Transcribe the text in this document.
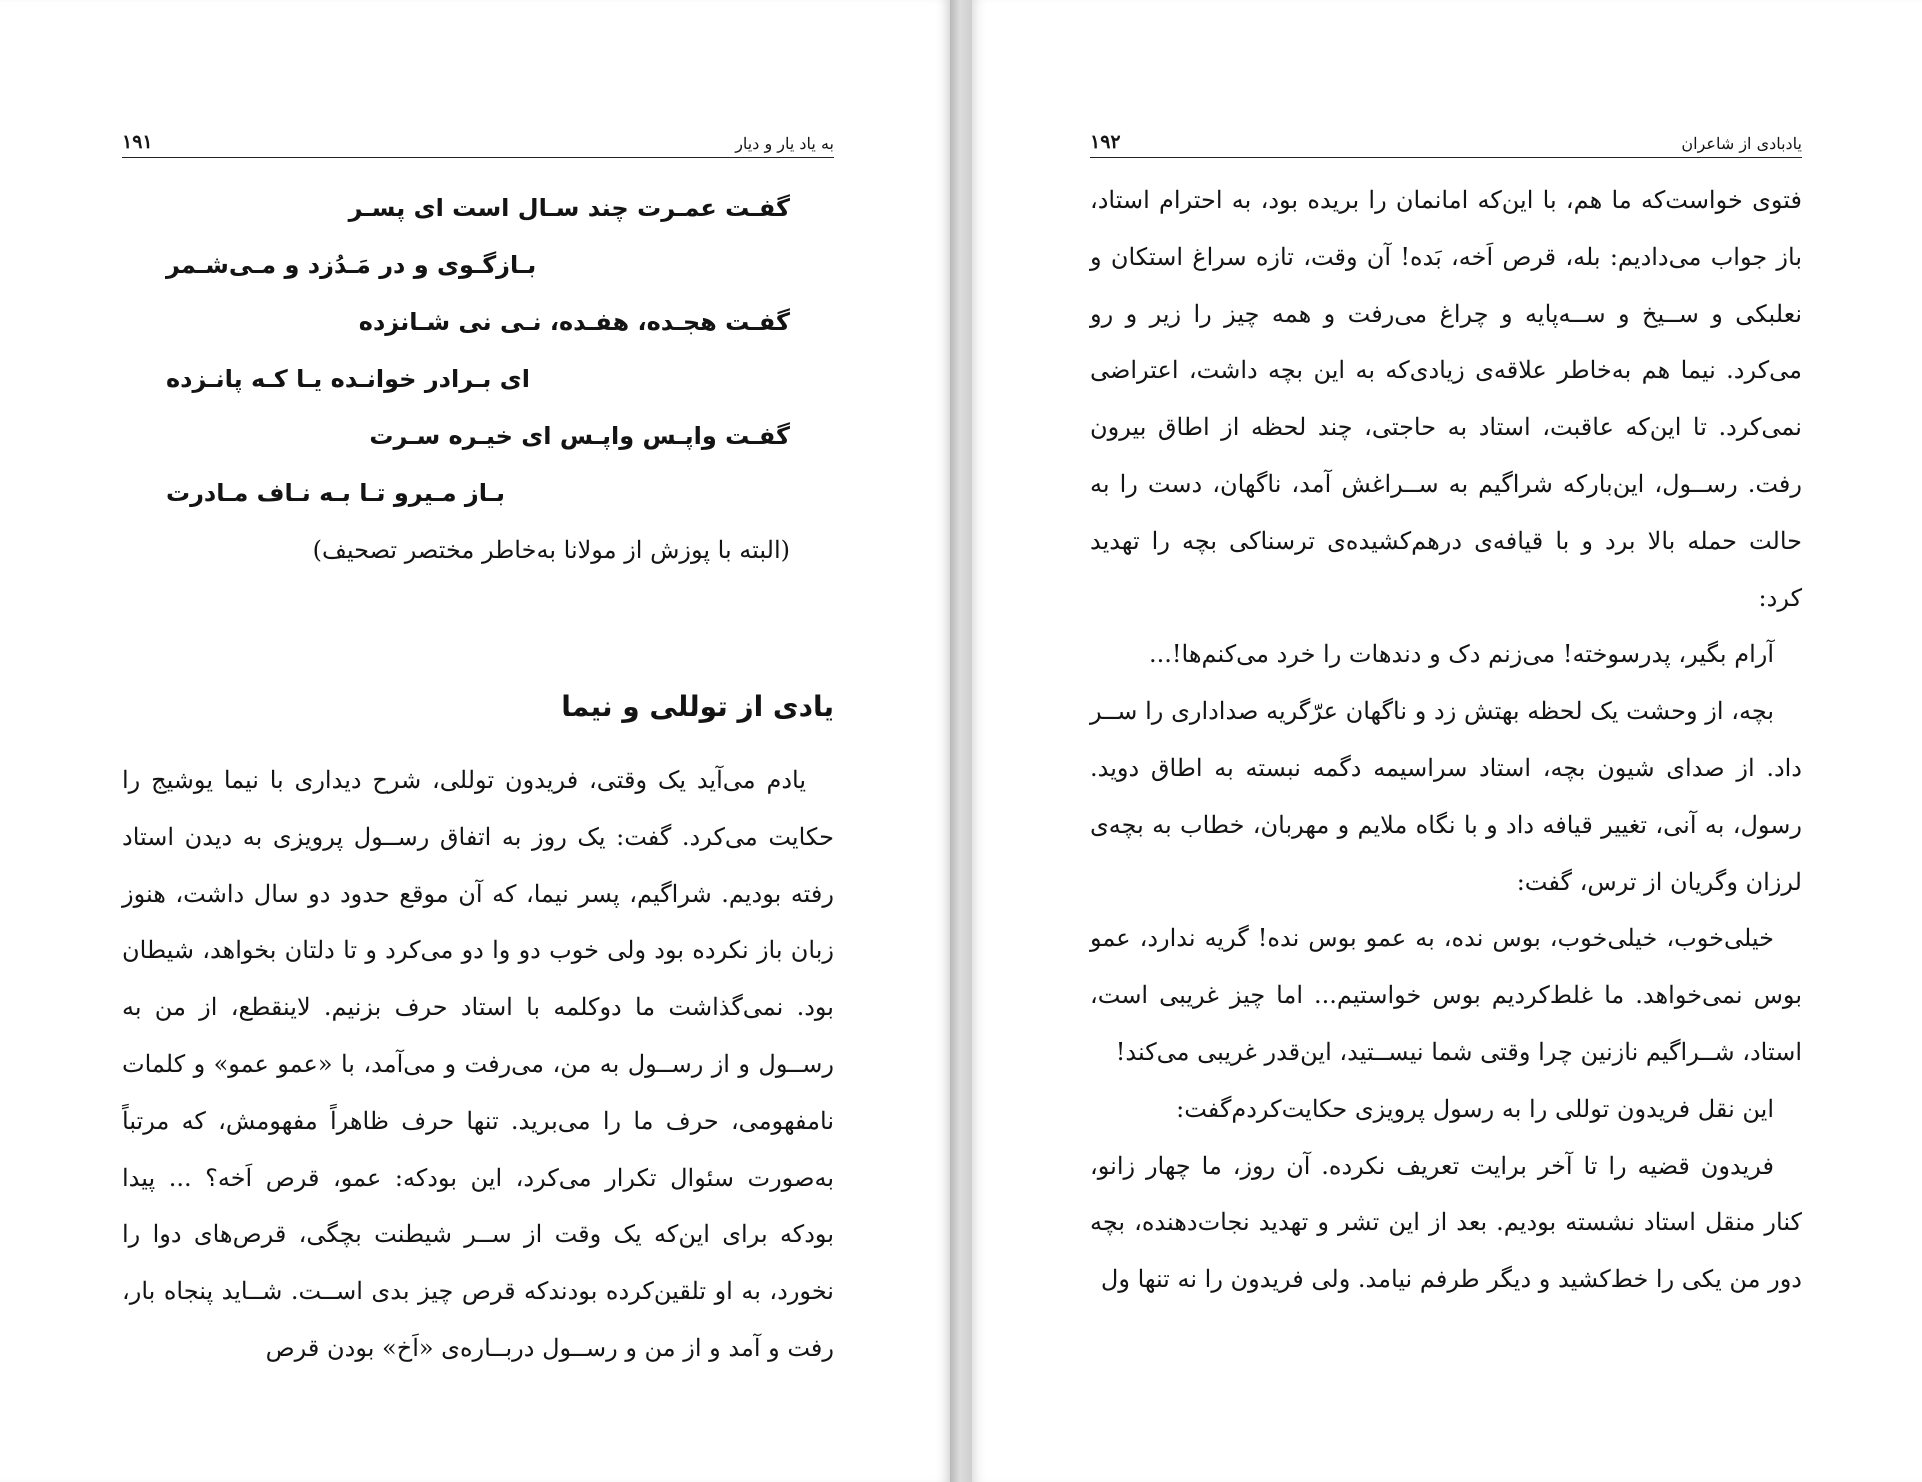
به یاد یار و دیار
۱۹۱
گفـت عمـرت چند سـال است ای پسـر
بـازگـوی و در مَـدُزد و مـی‌شـمر
گفـت هجـده، هفـده، نـی نی شـانزده
ای بـرادر خوانـده یـا کـه پانـزده
گفـت واپـس واپـس ای خیـره سـرت
بـاز مـیرو تـا بـه نـاف مـادرت
(البته با پوزش از مولانا به‌خاطر مختصر تصحیف)
یادی از توللی و نیما

یادم می‌آید یک وقتی، فریدون توللی، شرح دیداری با نیما یوشیج را حکایت می‌کرد. گفت: یک روز به اتفاق رســول پرویزی به دیدن استاد رفته بودیم. شراگیم، پسر نیما، که آن موقع حدود دو سال داشت، هنوز زبان باز نکرده بود ولی خوب دو وا دو می‌کرد و تا دلتان بخواهد، شیطان بود. نمی‌گذاشت ما دوکلمه با استاد حرف بزنیم. لاینقطع، از من به رســول و از رســول به من، می‌رفت و می‌آمد، با «عمو عمو» و کلمات نامفهومی، حرف ما را می‌برید. تنها حرف ظاهراً مفهومش، که مرتباً به‌صورت سئوال تکرار می‌کرد، این بودکه: عمو، قرص اَخه؟ ... پیدا بودکه برای این‌که یک وقت از ســر شیطنت بچگی، قرص‌های دوا را نخورد، به او تلقین‌کرده بودندکه قرص چیز بدی اســت. شــاید پنجاه بار، رفت و آمد و از من و رســول دربــاره‌ی «اَخ» بودن قرص

یادبادی از شاعران
۱۹۲

فتوی خواست‌که ما هم، با این‌که امانمان را بریده بود، به احترام استاد، باز جواب می‌دادیم: بله، قرص اَخه، بَده! آن وقت، تازه سراغ استکان و نعلبکی و ســیخ و ســه‌پایه و چراغ می‌رفت و همه چیز را زیر و رو می‌کرد. نیما هم به‌خاطر علاقه‌ی زیادی‌که به این بچه داشت، اعتراضی نمی‌کرد. تا این‌که عاقبت، استاد به حاجتی، چند لحظه از اطاق بیرون رفت. رســول، این‌بارکه شراگیم به ســراغش آمد، ناگهان، دست را به حالت حمله بالا برد و با قیافه‌ی درهم‌کشیده‌ی ترسناکی بچه را تهدید کرد:

آرام بگیر، پدرسوخته! می‌زنم دک و دندهات را خرد می‌کنم‌ها!...

بچه، از وحشت یک لحظه بهتش زد و ناگهان عرّگریه صداداری را ســر داد. از صدای شیون بچه، استاد سراسیمه دگمه نبسته به اطاق دوید. رسول، به آنی، تغییر قیافه داد و با نگاه ملایم و مهربان، خطاب به بچه‌ی لرزان وگریان از ترس، گفت:

خیلی‌خوب، خیلی‌خوب، بوس نده، به عمو بوس نده! گریه ندارد، عمو بوس نمی‌خواهد. ما غلط‌کردیم بوس خواستیم... اما چیز غریبی است، استاد، شــراگیم نازنین چرا وقتی شما نیســتید، این‌قدر غریبی می‌کند!

این نقل فریدون توللی را به رسول پرویزی حکایت‌کردم‌گفت:

فریدون قضیه را تا آخر برایت تعریف نکرده. آن روز، ما چهار زانو، کنار منقل استاد نشسته بودیم. بعد از این تشر و تهدید نجات‌دهنده، بچه دور من یکی را خط‌کشید و دیگر طرفم نیامد. ولی فریدون را نه تنها ول
